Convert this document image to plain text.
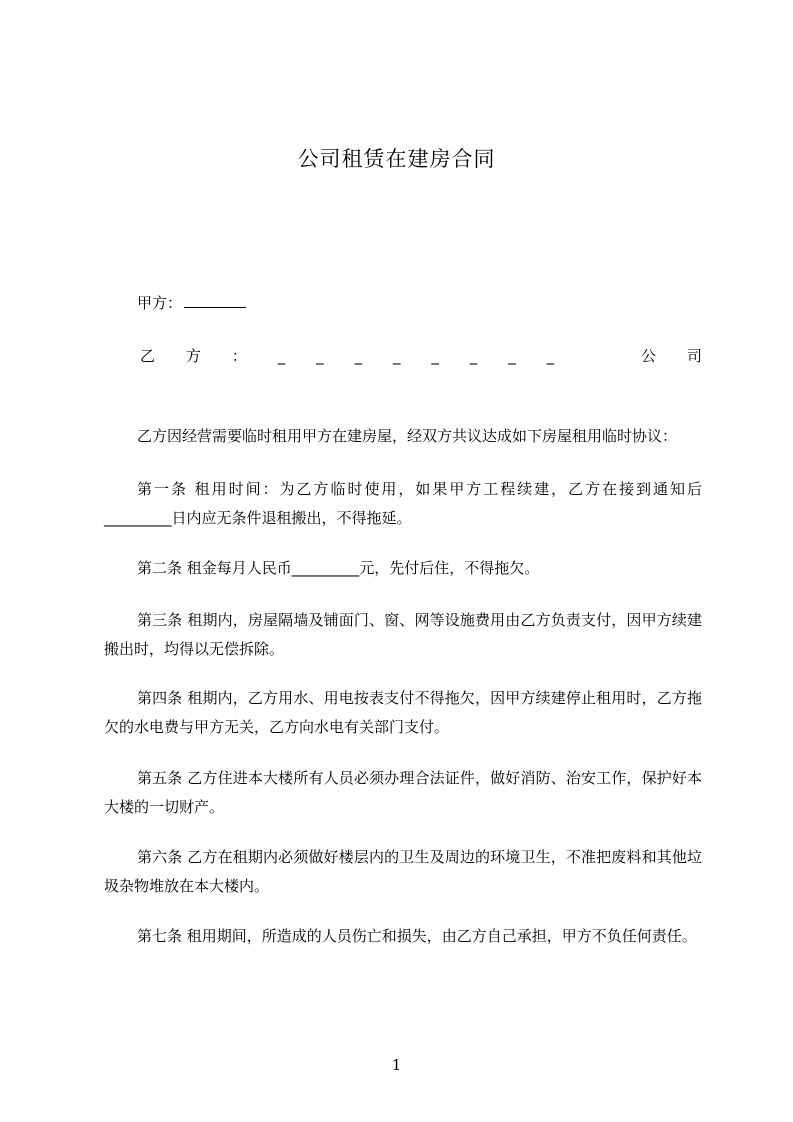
公司租赁在建房合同
甲方：
乙 方 ： _ _ _ _ _ _ _ _	公 司
乙方因经营需要临时租用甲方在建房屋，经双方共议达成如下房屋租用临时协议：
第一条 租用时间：为乙方临时使用，如果甲方工程续建，乙方在接到通知后_________日内应无条件退租搬出，不得拖延。
第二条 租金每月人民币_________元，先付后住，不得拖欠。
第三条 租期内，房屋隔墙及铺面门、窗、网等设施费用由乙方负责支付，因甲方续建搬出时，均得以无偿拆除。
第四条 租期内，乙方用水、用电按表支付不得拖欠，因甲方续建停止租用时，乙方拖欠的水电费与甲方无关，乙方向水电有关部门支付。
第五条 乙方住进本大楼所有人员必须办理合法证件，做好消防、治安工作，保护好本大楼的一切财产。
第六条 乙方在租期内必须做好楼层内的卫生及周边的环境卫生，不准把废料和其他垃圾杂物堆放在本大楼内。
第七条 租用期间，所造成的人员伤亡和损失，由乙方自己承担，甲方不负任何责任。
1
